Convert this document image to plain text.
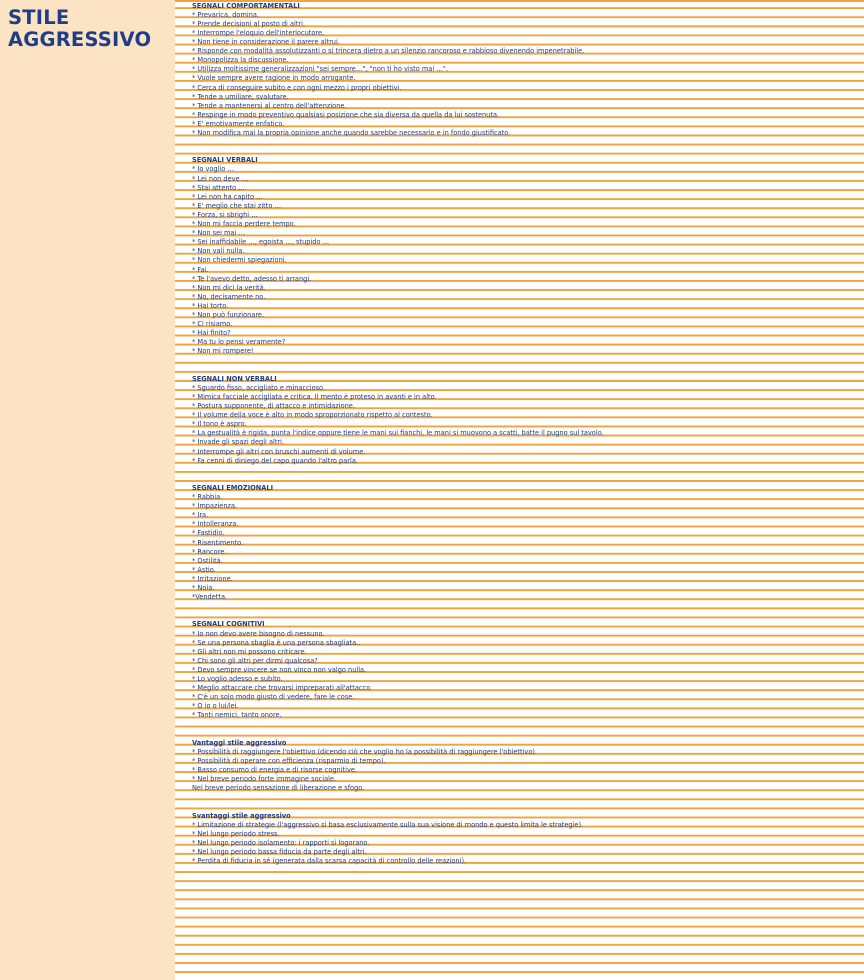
STILE
AGGRESSIVO
SEGNALI COMPORTAMENTALI
* Prevarica, domina.
* Prende decisioni al posto di altri.
* Interrompe l'eloquio dell'interlocutore.
* Non tiene in considerazione il parere altrui.
* Risponde con modalità assolutizzanti o si trincera dietro a un silenzio rancoroso e rabbioso divenendo impenetrabile.
* Monopolizza la discussione.
* Utilizza moltissime generalizzazioni "sei sempre…", "non ti ho visto mai …".
* Vuole sempre avere ragione in modo arrogante.
* Cerca di conseguire subito e con ogni mezzo i propri obiettivi.
* Tende a umiliare, svalutare.
* Tende a mantenersi al centro dell'attenzione.
* Respinge in modo preventivo qualsiasi posizione che sia diversa da quella da lui sostenuta.
* E' emotivamente enfatico.
* Non modifica mai la propria opinione anche quando sarebbe necessario e in fondo giustificato.
SEGNALI VERBALI
* Io voglio …
* Lei non deve …
* Stai attento …
* Lei non ha capito …
* E' meglio che stai zitto …
* Forza, si sbrighi …
* Non mi faccia perdere tempo.
* Non sei mai …
* Sei inaffidabile …, egoista …, stupido …
* Non vali nulla.
* Non chiedermi spiegazioni.
* Fai.
* Te l'avevo detto, adesso ti arrangi.
* Non mi dici la verità.
* No, decisamente no.
* Hai torto.
* Non può funzionare.
* Ci risiamo.
* Hai finito?
* Ma tu lo pensi veramente?
* Non mi rompere!
SEGNALI NON VERBALI
* Sguardo fisso, accigliato e minaccioso.
* Mimica facciale accigliata e critica. Il mento è proteso in avanti e in alto.
* Postura supponente, di attacco e intimidazione.
* Il volume della voce è alto in modo sproporzionato rispetto al contesto.
* Il tono è aspro.
* La gestualità è rigida, punta l'indice oppure tiene le mani sui fianchi, le mani si muovono a scatti, batte il pugno sul tavolo.
* Invade gli spazi degli altri.
* Interrompe gli altri con bruschi aumenti di volume.
* Fa cenni di diniego del capo quando l'altro parla.
SEGNALI EMOZIONALI
* Rabbia.
* Impazienza.
* Ira.
* Intolleranza.
* Fastidio.
* Risentimento.
* Rancore.
* Ostilità.
* Astio.
* Irritazione.
* Noia.
*Vendetta.
SEGNALI COGNITIVI
* Io non devo avere bisogno di nessuno.
* Se una persona sbaglia è una persona sbagliata..
* Gli altri non mi possono criticare.
* Chi sono gli altri per dirmi qualcosa?
* Devo sempre vincere se non vinco non valgo nulla.
* Lo voglio adesso e subito.
* Meglio attaccare che trovarsi impreparati all'attacco.
* C'è un solo modo giusto di vedere, fare le cose.
* O io o lui/lei.
* Tanti nemici, tanto onore.
Vantaggi stile aggressivo
* Possibilità di raggiungere l'obiettivo (dicendo ciò che voglio ho la possibilità di raggiungere l'obiettivo).
* Possibilità di operare con efficienza (risparmio di tempo).
* Basso consumo di energia e di risorse cognitive.
* Nel breve periodo forte immagine sociale.
Nel breve periodo sensazione di liberazione e sfogo.
Svantaggi stile aggressivo
* Limitazione di strategie (l'aggressivo si basa esclusivamente sulla sua visione di mondo e questo limita le strategie).
* Nel lungo periodo stress.
* Nel lungo periodo isolamento: i rapporti si logorano.
* Nel lungo periodo bassa fiducia da parte degli altri.
* Perdita di fiducia in sé (generata dalla scarsa capacità di controllo delle reazioni).
